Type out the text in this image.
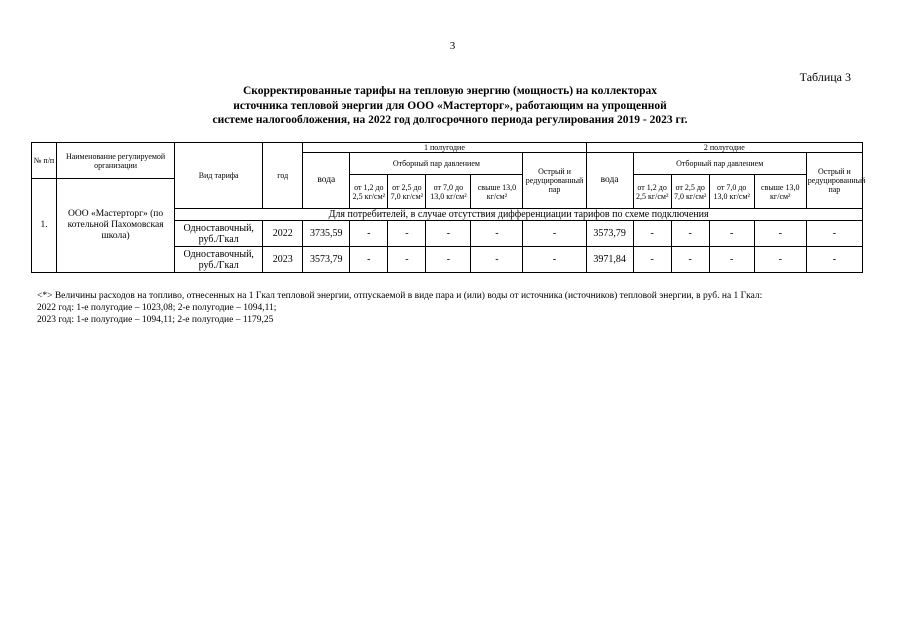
3
Таблица 3
Скорректированные тарифы на тепловую энергию (мощность) на коллекторах
источника тепловой энергии для ООО «Мастерторг», работающим на упрощенной
системе налогообложения, на 2022 год долгосрочного периода регулирования 2019 - 2023 гг.
№ п/п	Наименование регулируемой организации	Вид тарифа	год	1 полугодие						2 полугодие					
				вода	Отборный пар давлением				Острый и редуцированный пар	вода	Отборный пар давлением				Острый и редуцированный пар
					от 1,2 до 2,5 кг/см²	от 2,5 до 7,0 кг/см²	от 7,0 до 13,0 кг/см²	свыше 13,0 кг/см²			от 1,2 до 2,5 кг/см²	от 2,5 до 7,0 кг/см²	от 7,0 до 13,0 кг/см²	свыше 13,0 кг/см²	
1.	ООО «Мастерторг» (по котельной Пахомовская школа)														
		Для потребителей, в случае отсутствия дифференциации тарифов по схеме подключения													
		Одноставочный, руб./Гкал	2022	3735,59	-	-	-	-	-	3573,79	-	-	-	-	-
		Одноставочный, руб./Гкал	2023	3573,79	-	-	-	-	-	3971,84	-	-	-	-	-

<*> Величины расходов на топливо, отнесенных на 1 Гкал тепловой энергии, отпускаемой в виде пара и (или) воды от источника (источников) тепловой энергии, в руб. на 1 Гкал:

2022 год: 1-е полугодие – 1023,08; 2-е полугодие – 1094,11;

2023 год: 1-е полугодие – 1094,11; 2-е полугодие – 1179,25
